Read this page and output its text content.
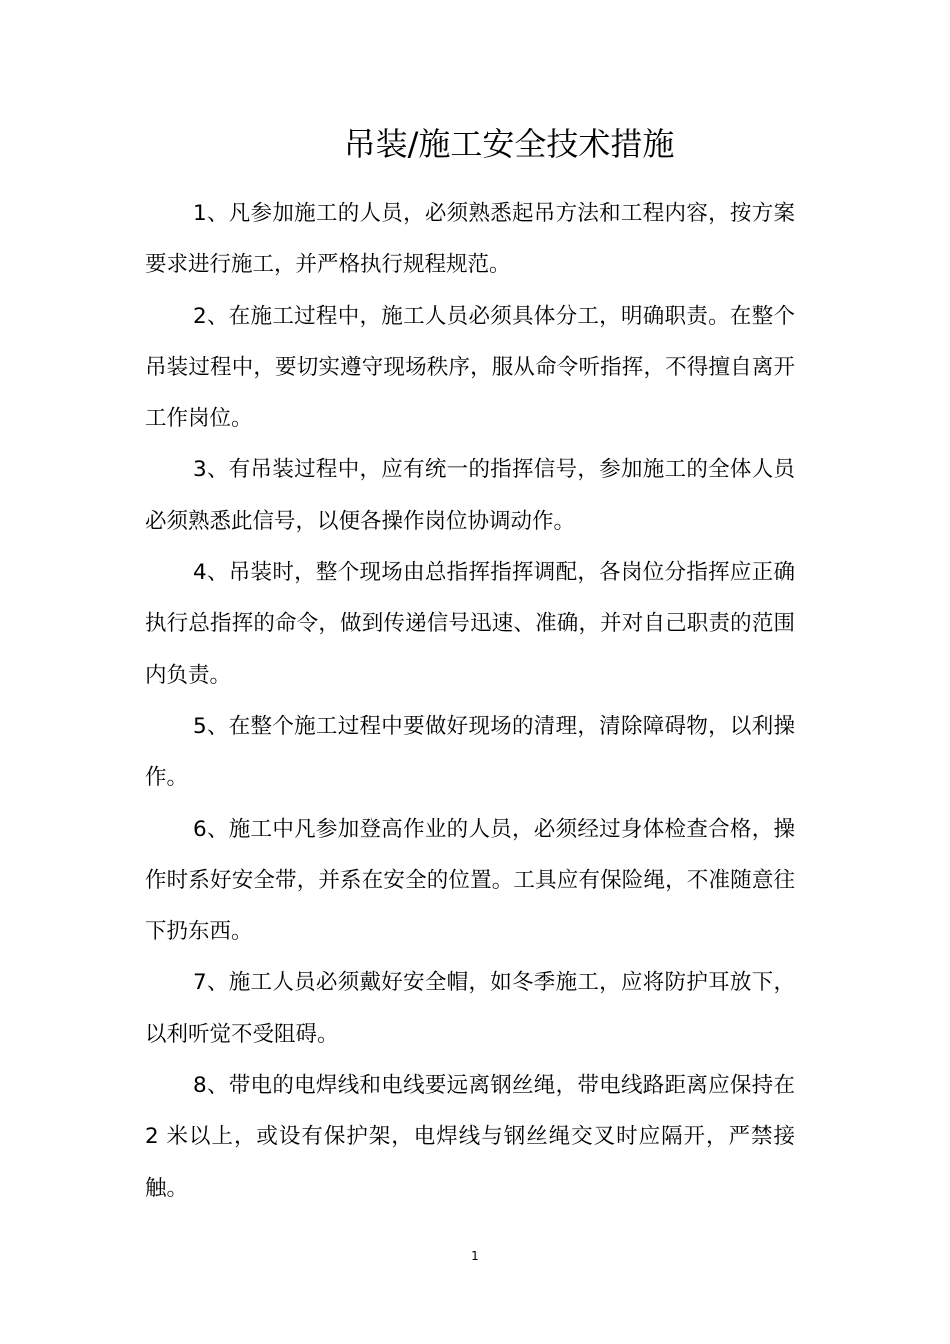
吊装/施工安全技术措施

1、凡参加施工的人员，必须熟悉起吊方法和工程内容，按方案要求进行施工，并严格执行规程规范。

2、在施工过程中，施工人员必须具体分工，明确职责。在整个吊装过程中，要切实遵守现场秩序，服从命令听指挥，不得擅自离开工作岗位。

3、有吊装过程中，应有统一的指挥信号，参加施工的全体人员必须熟悉此信号，以便各操作岗位协调动作。

4、吊装时，整个现场由总指挥指挥调配，各岗位分指挥应正确执行总指挥的命令，做到传递信号迅速、准确，并对自己职责的范围内负责。

5、在整个施工过程中要做好现场的清理，清除障碍物，以利操作。

6、施工中凡参加登高作业的人员，必须经过身体检查合格，操作时系好安全带，并系在安全的位置。工具应有保险绳，不准随意往下扔东西。

7、施工人员必须戴好安全帽，如冬季施工，应将防护耳放下，以利听觉不受阻碍。

8、带电的电焊线和电线要远离钢丝绳，带电线路距离应保持在 2 米以上，或设有保护架，电焊线与钢丝绳交叉时应隔开，严禁接触。

1
